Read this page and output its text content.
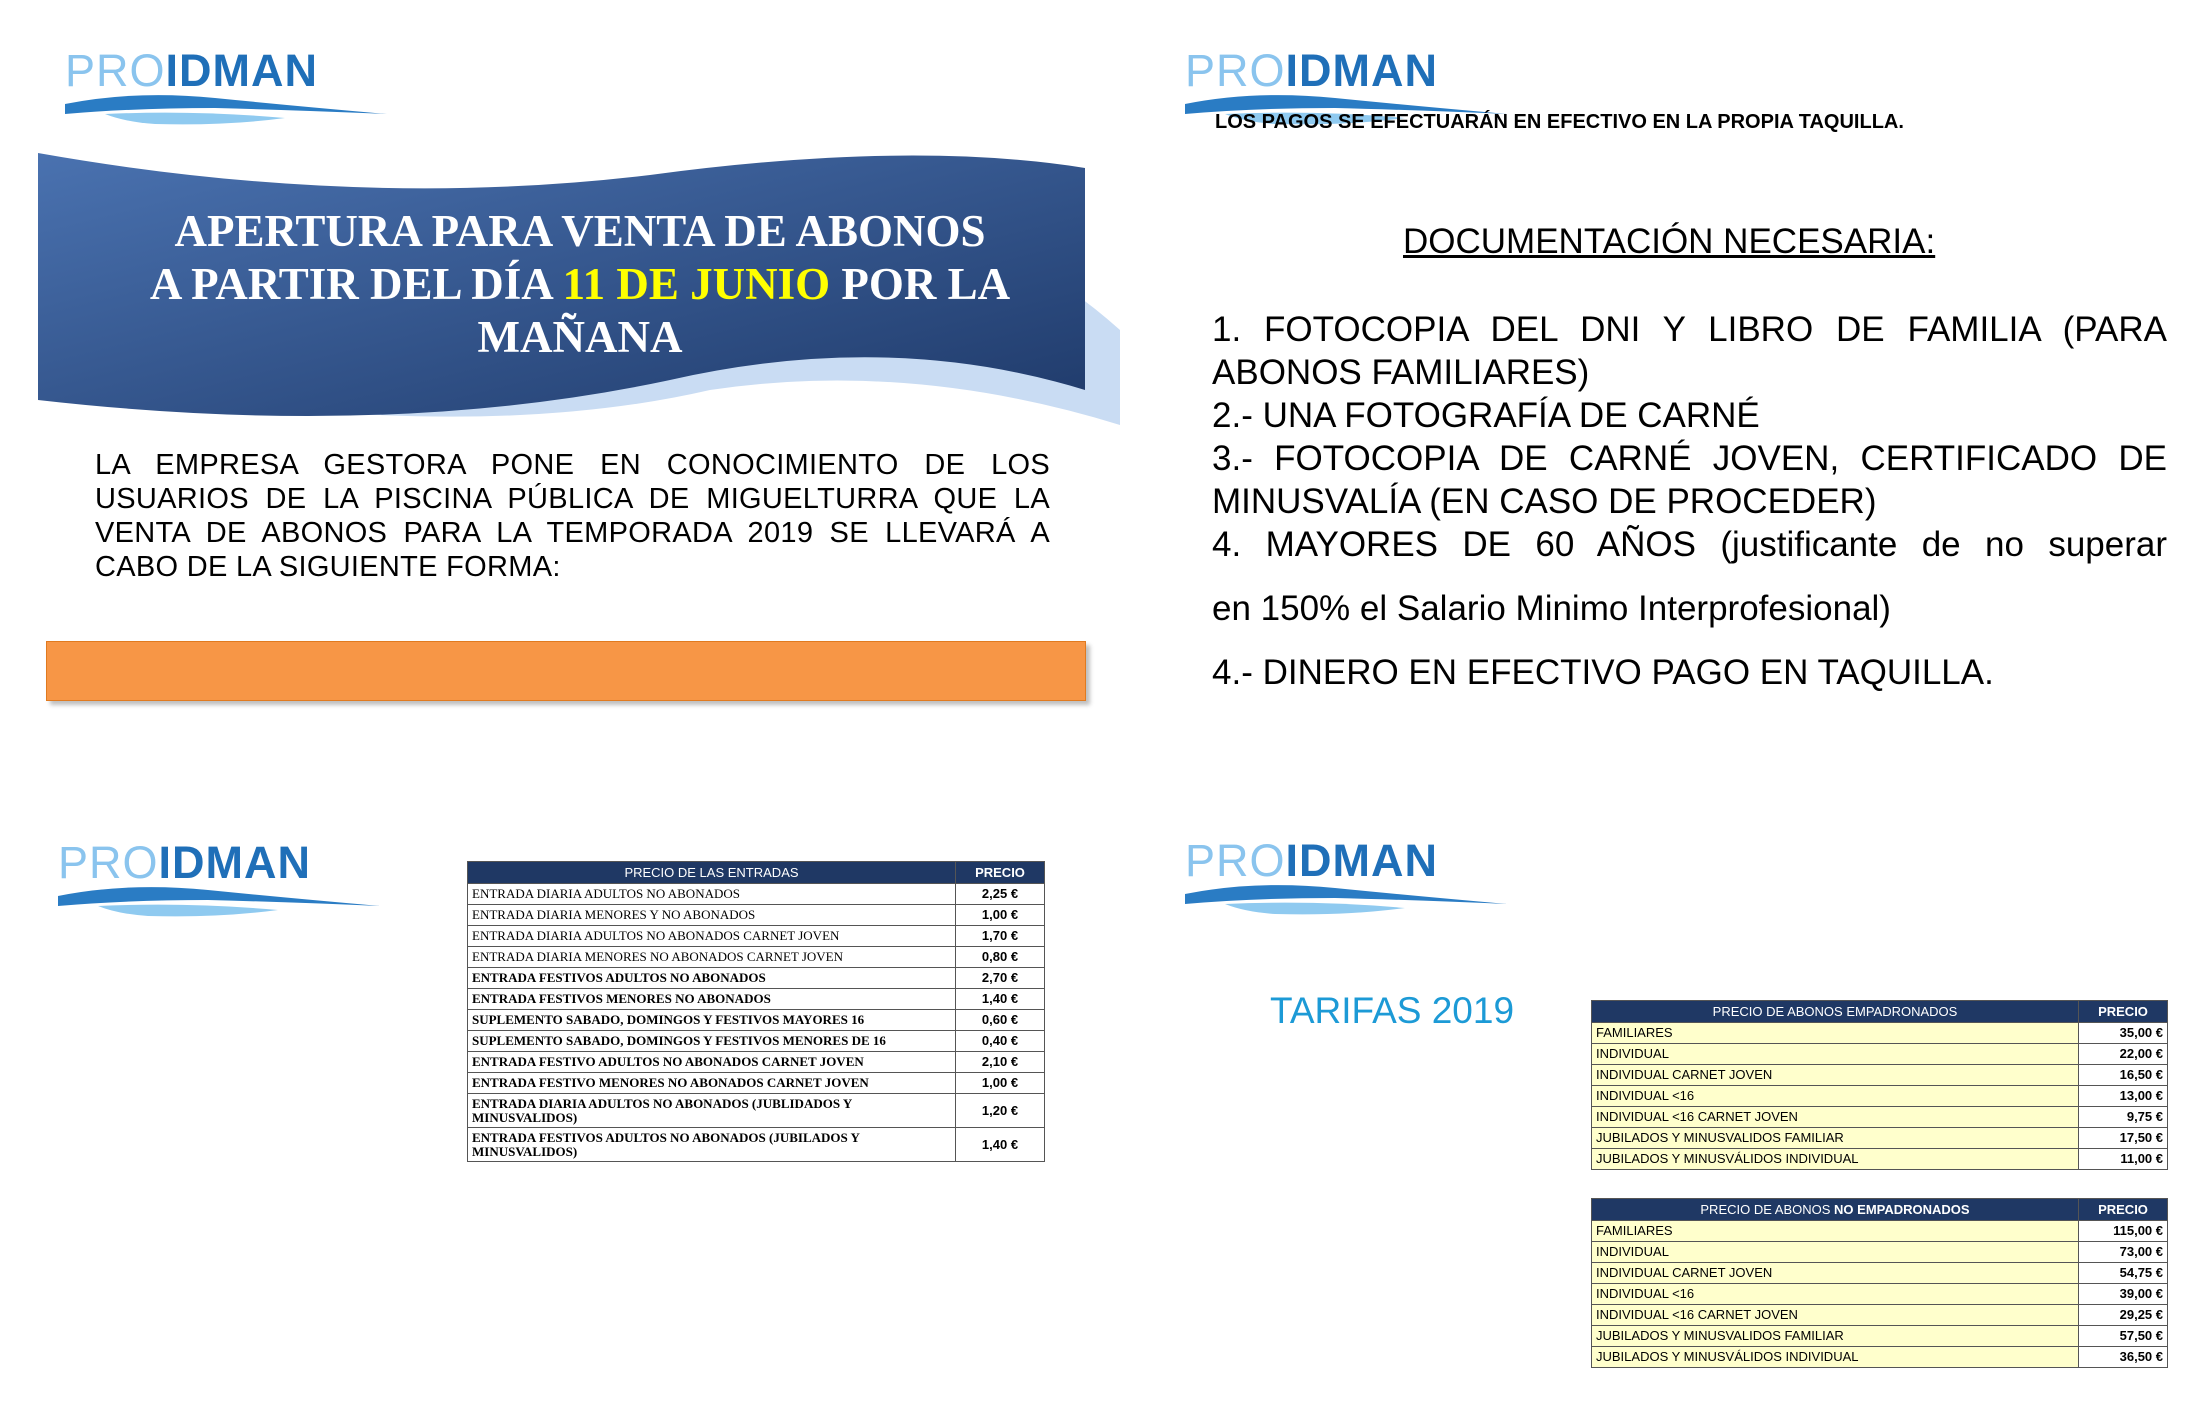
PROIDMAN	PROIDMAN
PROIDMAN	PROIDMAN
APERTURA PARA VENTA DE ABONOS
A PARTIR DEL DÍA 11 DE JUNIO POR LA
MAÑANA
LA EMPRESA GESTORA PONE EN CONOCIMIENTO DE LOS USUARIOS DE LA PISCINA PÚBLICA DE MIGUELTURRA QUE LA VENTA DE ABONOS PARA LA TEMPORADA 2019 SE LLEVARÁ A CABO DE LA SIGUIENTE FORMA:
LOS PAGOS SE EFECTUARÁN EN EFECTIVO EN LA PROPIA TAQUILLA.
DOCUMENTACIÓN NECESARIA:
1. FOTOCOPIA DEL DNI Y LIBRO DE FAMILIA (PARA ABONOS FAMILIARES)
2.- UNA FOTOGRAFÍA DE CARNÉ
3.- FOTOCOPIA DE CARNÉ JOVEN, CERTIFICADO DE MINUSVALÍA (EN CASO DE PROCEDER)
4. MAYORES DE 60 AÑOS (justificante de no superar
en 150% el Salario Minimo Interprofesional)
4.- DINERO EN EFECTIVO PAGO EN TAQUILLA.
TARIFAS 2019
PRECIO DE LAS ENTRADAS	PRECIO
ENTRADA DIARIA ADULTOS NO ABONADOS	2,25 €
ENTRADA DIARIA MENORES Y NO ABONADOS	1,00 €
ENTRADA DIARIA ADULTOS NO ABONADOS CARNET JOVEN	1,70 €
ENTRADA DIARIA MENORES NO ABONADOS CARNET JOVEN	0,80 €
ENTRADA FESTIVOS ADULTOS NO ABONADOS	2,70 €
ENTRADA FESTIVOS MENORES NO ABONADOS	1,40 €
SUPLEMENTO SABADO, DOMINGOS Y FESTIVOS MAYORES 16	0,60 €
SUPLEMENTO SABADO, DOMINGOS Y FESTIVOS MENORES DE 16	0,40 €
ENTRADA FESTIVO ADULTOS NO ABONADOS CARNET JOVEN	2,10 €
ENTRADA FESTIVO MENORES NO ABONADOS CARNET JOVEN	1,00 €
ENTRADA DIARIA ADULTOS NO ABONADOS (JUBLIDADOS Y MINUSVALIDOS)	1,20 €
ENTRADA FESTIVOS ADULTOS NO ABONADOS (JUBILADOS Y MINUSVALIDOS)	1,40 €
PRECIO DE ABONOS EMPADRONADOS	PRECIO
FAMILIARES	35,00 €
INDIVIDUAL	22,00 €
INDIVIDUAL CARNET JOVEN	16,50 €
INDIVIDUAL <16	13,00 €
INDIVIDUAL <16 CARNET JOVEN	9,75 €
JUBILADOS Y MINUSVALIDOS FAMILIAR	17,50 €
JUBILADOS Y MINUSVÁLIDOS INDIVIDUAL	11,00 €
PRECIO DE ABONOS NO EMPADRONADOS	PRECIO
FAMILIARES	115,00 €
INDIVIDUAL	73,00 €
INDIVIDUAL CARNET JOVEN	54,75 €
INDIVIDUAL <16	39,00 €
INDIVIDUAL <16 CARNET JOVEN	29,25 €
JUBILADOS Y MINUSVALIDOS FAMILIAR	57,50 €
JUBILADOS Y MINUSVÁLIDOS INDIVIDUAL	36,50 €
